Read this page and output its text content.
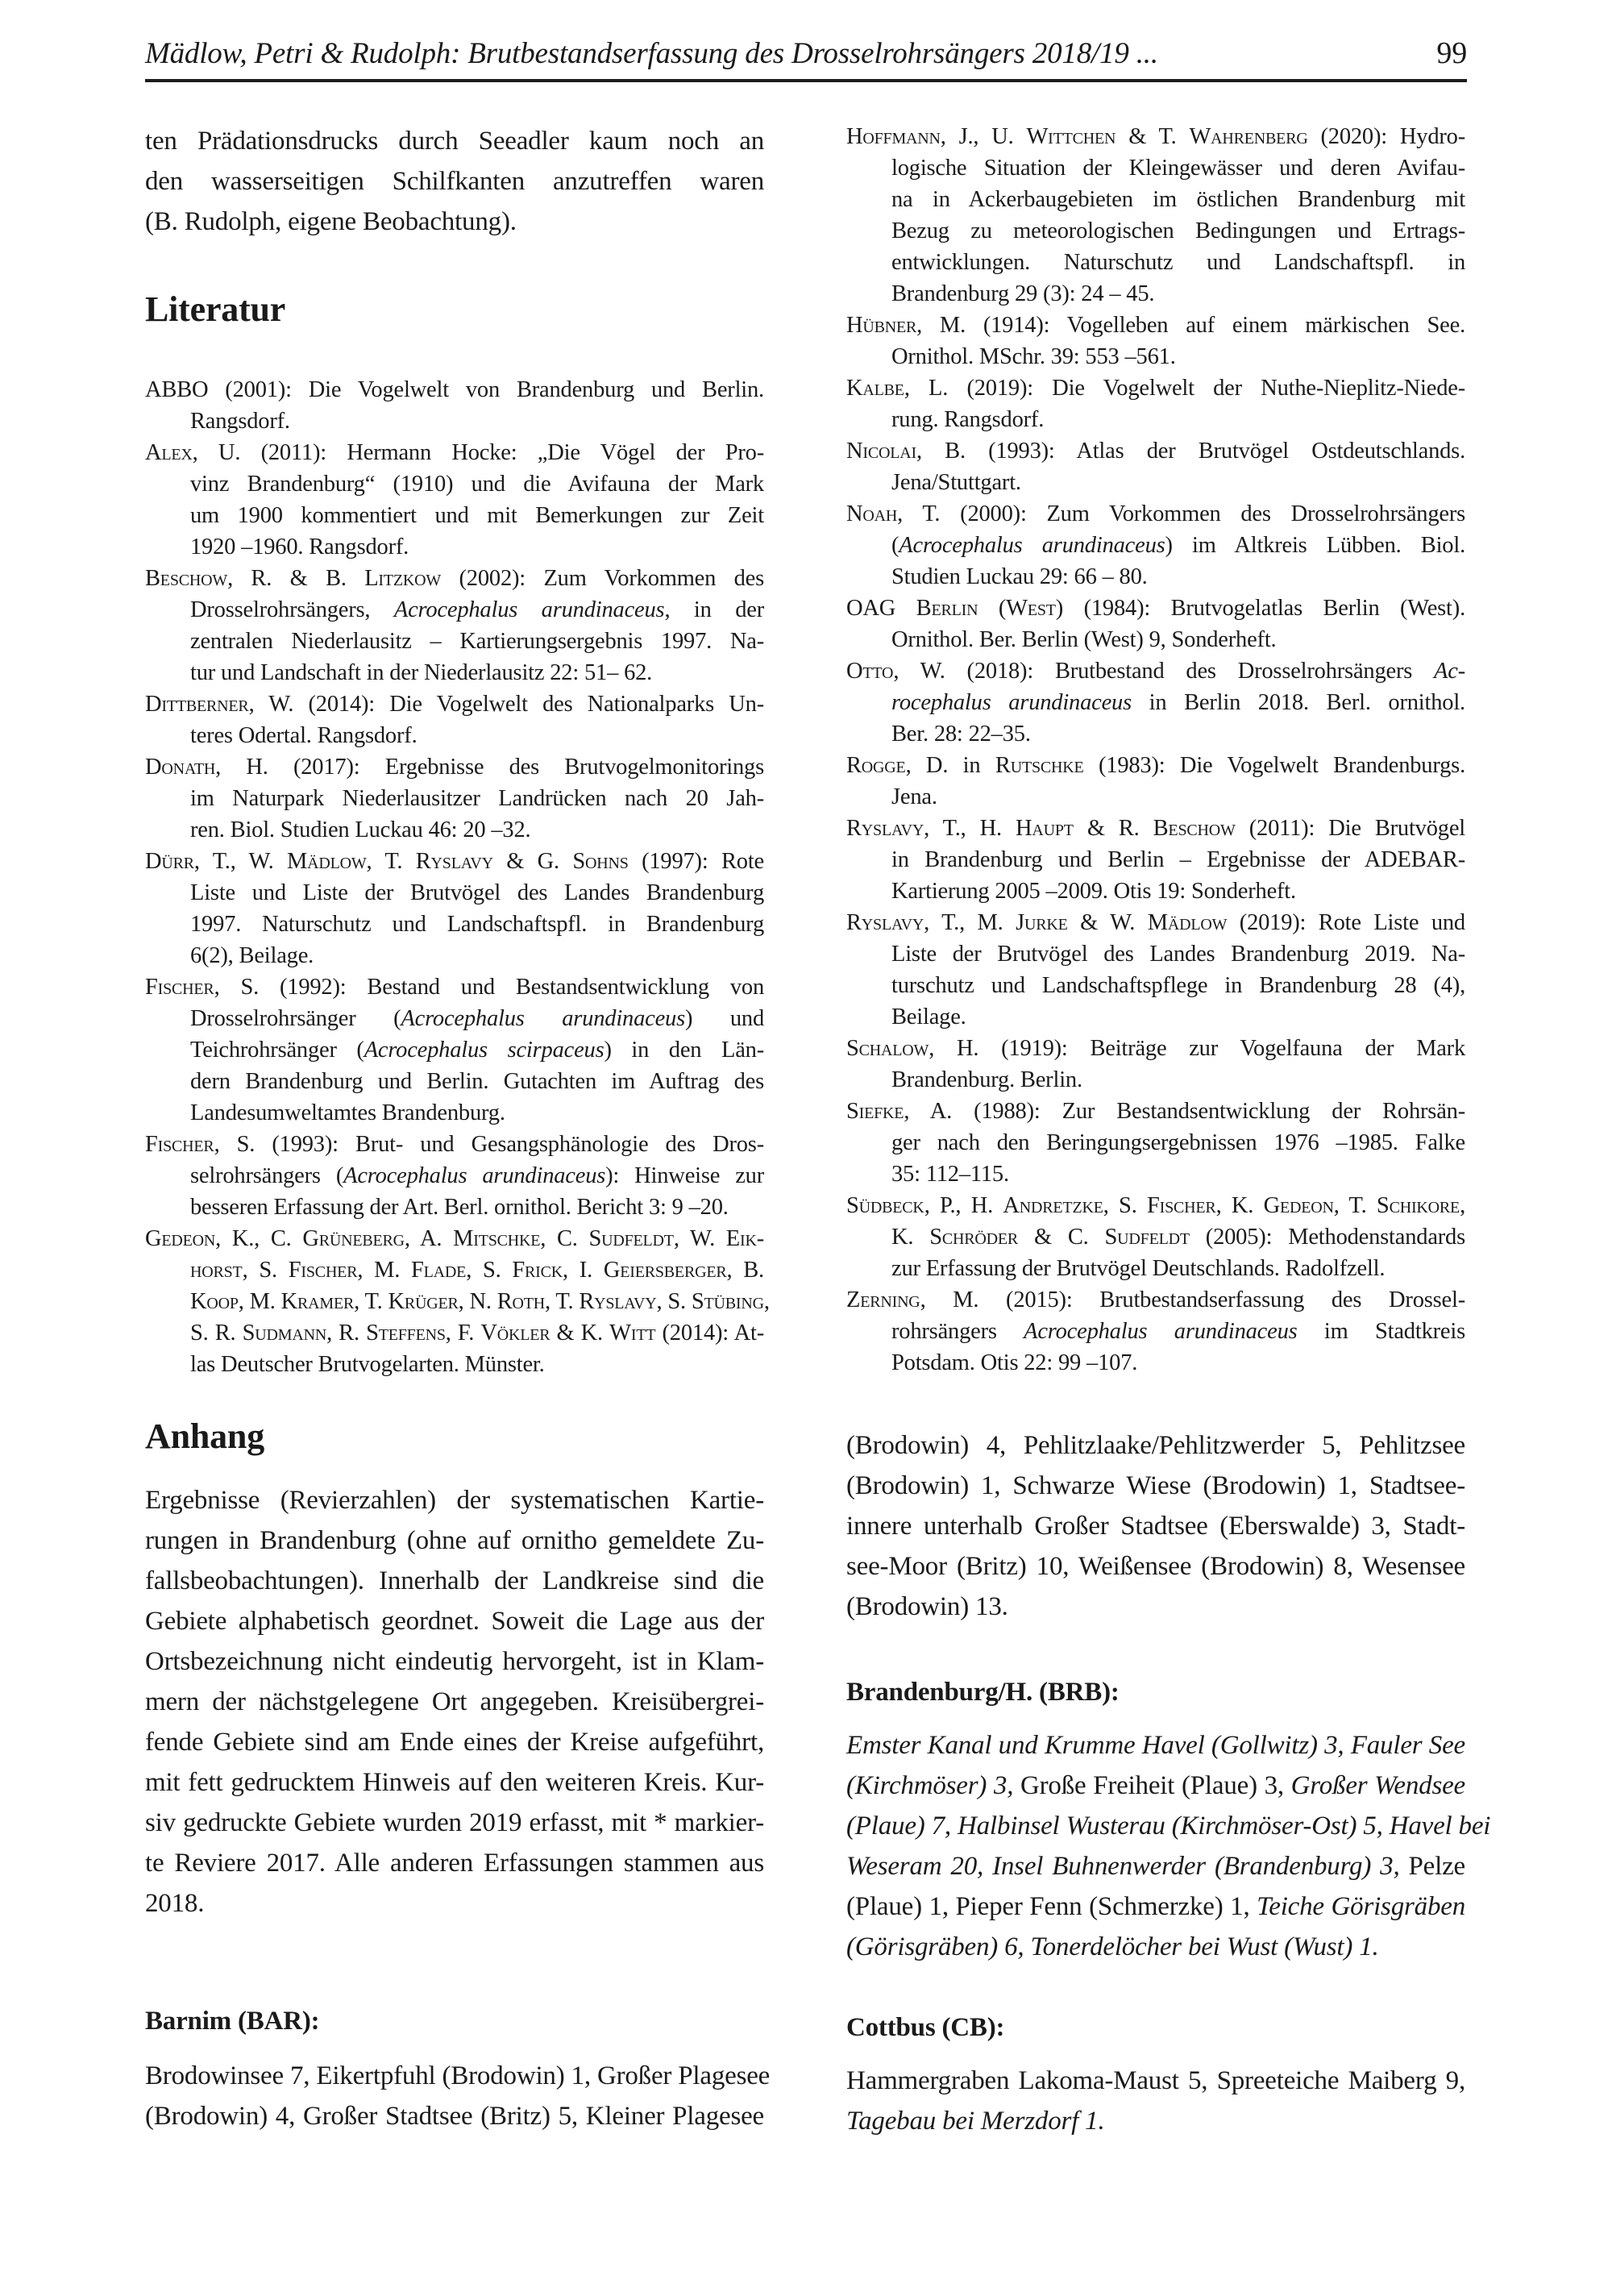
Mädlow, Petri & Rudolph: Brutbestandserfassung des Drosselrohrsängers 2018/19 ...	99
ten Prädationsdrucks durch Seeadler kaum noch an
den wasserseitigen Schilfkanten anzutreffen waren
(B. Rudolph, eigene Beobachtung).
Literatur
ABBO (2001): Die Vogelwelt von Brandenburg und Berlin.
Rangsdorf.
Alex, U. (2011): Hermann Hocke: „Die Vögel der Pro-
vinz Brandenburg“ (1910) und die Avifauna der Mark
um 1900 kommentiert und mit Bemerkungen zur Zeit
1920 –1960. Rangsdorf.
Beschow, R. & B. Litzkow (2002): Zum Vorkommen des
Drosselrohrsängers, Acrocephalus arundinaceus, in der
zentralen Niederlausitz – Kartierungsergebnis 1997. Na-
tur und Landschaft in der Niederlausitz 22: 51– 62.
Dittberner, W. (2014): Die Vogelwelt des Nationalparks Un-
teres Odertal. Rangsdorf.
Donath, H. (2017): Ergebnisse des Brutvogelmonitorings
im Naturpark Niederlausitzer Landrücken nach 20 Jah-
ren. Biol. Studien Luckau 46: 20 –32.
Dürr, T., W. Mädlow, T. Ryslavy & G. Sohns (1997): Rote
Liste und Liste der Brutvögel des Landes Brandenburg
1997. Naturschutz und Landschaftspfl. in Brandenburg
6(2), Beilage.
Fischer, S. (1992): Bestand und Bestandsentwicklung von
Drosselrohrsänger (Acrocephalus arundinaceus) und
Teichrohrsänger (Acrocephalus scirpaceus) in den Län-
dern Brandenburg und Berlin. Gutachten im Auftrag des
Landesumweltamtes Brandenburg.
Fischer, S. (1993): Brut- und Gesangsphänologie des Dros-
selrohrsängers (Acrocephalus arundinaceus): Hinweise zur
besseren Erfassung der Art. Berl. ornithol. Bericht 3: 9 –20.
Gedeon, K., C. Grüneberg, A. Mitschke, C. Sudfeldt, W. Eik-
horst, S. Fischer, M. Flade, S. Frick, I. Geiersberger, B.
Koop, M. Kramer, T. Krüger, N. Roth, T. Ryslavy, S. Stübing,
S. R. Sudmann, R. Steffens, F. Vökler & K. Witt (2014): At-
las Deutscher Brutvogelarten. Münster.
Anhang
Ergebnisse (Revierzahlen) der systematischen Kartie-
rungen in Brandenburg (ohne auf ornitho gemeldete Zu-
fallsbeobachtungen). Innerhalb der Landkreise sind die
Gebiete alphabetisch geordnet. Soweit die Lage aus der
Ortsbezeichnung nicht eindeutig hervorgeht, ist in Klam-
mern der nächstgelegene Ort angegeben. Kreisübergrei-
fende Gebiete sind am Ende eines der Kreise aufgeführt,
mit fett gedrucktem Hinweis auf den weiteren Kreis. Kur-
siv gedruckte Gebiete wurden 2019 erfasst, mit * markier-
te Reviere 2017. Alle anderen Erfassungen stammen aus
2018.
Barnim (BAR):
Brodowinsee 7, Eikertpfuhl (Brodowin) 1, Großer Plagesee
(Brodowin) 4, Großer Stadtsee (Britz) 5, Kleiner Plagesee
Hoffmann, J., U. Wittchen & T. Wahrenberg (2020): Hydro-
logische Situation der Kleingewässer und deren Avifau-
na in Ackerbaugebieten im östlichen Brandenburg mit
Bezug zu meteorologischen Bedingungen und Ertrags-
entwicklungen. Naturschutz und Landschaftspfl. in
Brandenburg 29 (3): 24 – 45.
Hübner, M. (1914): Vogelleben auf einem märkischen See.
Ornithol. MSchr. 39: 553 –561.
Kalbe, L. (2019): Die Vogelwelt der Nuthe-Nieplitz-Niede-
rung. Rangsdorf.
Nicolai, B. (1993): Atlas der Brutvögel Ostdeutschlands.
Jena/Stuttgart.
Noah, T. (2000): Zum Vorkommen des Drosselrohrsängers
(Acrocephalus arundinaceus) im Altkreis Lübben. Biol.
Studien Luckau 29: 66 – 80.
OAG Berlin (West) (1984): Brutvogelatlas Berlin (West).
Ornithol. Ber. Berlin (West) 9, Sonderheft.
Otto, W. (2018): Brutbestand des Drosselrohrsängers Ac-
rocephalus arundinaceus in Berlin 2018. Berl. ornithol.
Ber. 28: 22–35.
Rogge, D. in Rutschke (1983): Die Vogelwelt Brandenburgs.
Jena.
Ryslavy, T., H. Haupt & R. Beschow (2011): Die Brutvögel
in Brandenburg und Berlin – Ergebnisse der ADEBAR-
Kartierung 2005 –2009. Otis 19: Sonderheft.
Ryslavy, T., M. Jurke & W. Mädlow (2019): Rote Liste und
Liste der Brutvögel des Landes Brandenburg 2019. Na-
turschutz und Landschaftspflege in Brandenburg 28 (4),
Beilage.
Schalow, H. (1919): Beiträge zur Vogelfauna der Mark
Brandenburg. Berlin.
Siefke, A. (1988): Zur Bestandsentwicklung der Rohrsän-
ger nach den Beringungsergebnissen 1976 –1985. Falke
35: 112–115.
Südbeck, P., H. Andretzke, S. Fischer, K. Gedeon, T. Schikore,
K. Schröder & C. Sudfeldt (2005): Methodenstandards
zur Erfassung der Brutvögel Deutschlands. Radolfzell.
Zerning, M. (2015): Brutbestandserfassung des Drossel-
rohrsängers Acrocephalus arundinaceus im Stadtkreis
Potsdam. Otis 22: 99 –107.
(Brodowin) 4, Pehlitzlaake/Pehlitzwerder 5, Pehlitzsee
(Brodowin) 1, Schwarze Wiese (Brodowin) 1, Stadtsee-
innere unterhalb Großer Stadtsee (Eberswalde) 3, Stadt-
see-Moor (Britz) 10, Weißensee (Brodowin) 8, Wesensee
(Brodowin) 13.
Brandenburg/H. (BRB):
Emster Kanal und Krumme Havel (Gollwitz) 3, Fauler See
(Kirchmöser) 3, Große Freiheit (Plaue) 3, Großer Wendsee
(Plaue) 7, Halbinsel Wusterau (Kirchmöser-Ost) 5, Havel bei
Weseram 20, Insel Buhnenwerder (Brandenburg) 3, Pelze
(Plaue) 1, Pieper Fenn (Schmerzke) 1, Teiche Görisgräben
(Görisgräben) 6, Tonerdelöcher bei Wust (Wust) 1.
Cottbus (CB):
Hammergraben Lakoma-Maust 5, Spreeteiche Maiberg 9,
Tagebau bei Merzdorf 1.
